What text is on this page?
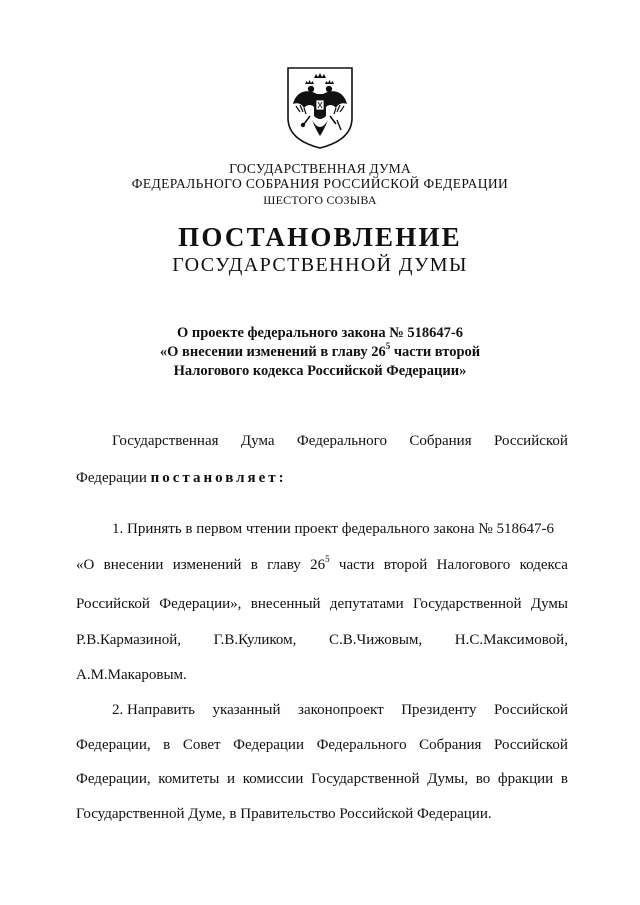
ГОСУДАРСТВЕННАЯ ДУМА
ФЕДЕРАЛЬНОГО СОБРАНИЯ РОССИЙСКОЙ ФЕДЕРАЦИИ
ШЕСТОГО СОЗЫВА
ПОСТАНОВЛЕНИЕ
ГОСУДАРСТВЕННОЙ ДУМЫ
О проекте федерального закона № 518647-6
«О внесении изменений в главу $26^5$ части второй
Налогового кодекса Российской Федерации»
Государственная Дума Федерального Собрания Российской
Федерации постановляет:
1. Принять в первом чтении проект федерального закона № 518647-6
«О внесении изменений в главу $26^5$ части второй Налогового кодекса
Российской Федерации», внесенный депутатами Государственной Думы
Р.В.Кармазиной, Г.В.Куликом, С.В.Чижовым, Н.С.Максимовой,
А.М.Макаровым.
2. Направить указанный законопроект Президенту Российской
Федерации, в Совет Федерации Федерального Собрания Российской
Федерации, комитеты и комиссии Государственной Думы, во фракции в
Государственной Думе, в Правительство Российской Федерации.
